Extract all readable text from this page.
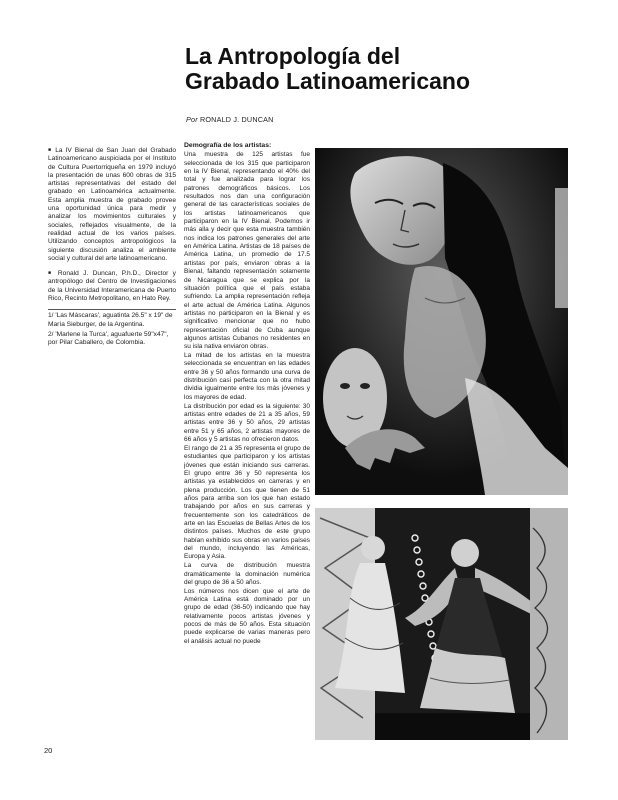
La Antropología del
Grabado Latinoamericano
Por RONALD J. DUNCAN

■ La IV Bienal de San Juan del Grabado Latinoamericano auspiciada por el Instituto de Cultura Puertorriqueña en 1979 incluyó la presentación de unas 600 obras de 315 artistas representativas del estado del grabado en Latinoamérica actualmente. Esta amplia muestra de grabado provee una oportunidad única para medir y analizar los movimientos culturales y sociales, reflejados visualmente, de la realidad actual de los varios países. Utilizando conceptos antropológicos la siguiente discusión analiza el ambiente social y cultural del arte latinoamericano.

■ Ronald J. Duncan, P.h.D., Director y antropólogo del Centro de Investigaciones de la Universidad Interamericana de Puerto Rico, Recinto Metropolitano, en Hato Rey.

1/ 'Las Máscaras', aguatinta 26.5" x 19" de María Sieburger, de la Argentina.

2/ 'Marlene la Turca', aguafuerte 59"x47", por Pilar Caballero, de Colombia.

Demografía de los artistas:

Una muestra de 125 artistas fue seleccionada de los 315 que participaron en la IV Bienal, representando el 40% del total y fue analizada para lograr los patrones demográficos básicos. Los resultados nos dan una configuración general de las características sociales de los artistas latinoamericanos que participaron en la IV Bienal. Podemos ir más alla y decir que esta muestra también nos indica los patrones generales del arte en América Latina. Artistas de 18 países de América Latina, un promedio de 17.5 artistas por país, enviaron obras a la Bienal, faltando representación solamente de Nicaragua que se explica por la situación política que el país estaba sufriendo. La amplia representación refleja el arte actual de América Latina. Algunos artistas no participaron en la Bienal y es significativo mencionar que no hubo representación oficial de Cuba aunque algunos artistas Cubanos no residentes en su isla nativa enviaron obras.

La mitad de los artistas en la muestra seleccionada se encuentran en las edades entre 36 y 50 años formando una curva de distribución casi perfecta con la otra mitad dividia igualmente entre los más jóvenes y los mayores de edad.

La distribución por edad es la siguiente: 30 artistas entre edades de 21 a 35 años, 59 artistas entre 36 y 50 años, 29 artistas entre 51 y 65 años, 2 artistas mayores de 66 años y 5 artistas no ofrecieron datos.

El rango de 21 a 35 representa el grupo de estudiantes que participaron y los artistas jóvenes que están iniciando sus carreras. El grupo entre 36 y 50 representa los artistas ya establecidos en carreras y en plena producción. Los que tienen de 51 años para arriba son los que han estado trabajando por años en sus carreras y frecuentemente son los catedráticos de arte en las Escuelas de Bellas Artes de los distintos países. Muchos de este grupo habían exhibido sus obras en varios países del mundo, incluyendo las Américas, Europa y Asia.

La curva de distribución muestra dramáticamente la dominación numérica del grupo de 36 a 50 años.

Los números nos dicen que el arte de América Latina está dominado por un grupo de edad (36-50) indicando que hay relativamente pocos artistas jóvenes y pocos de más de 50 años. Esta situación puede explicarse de varias maneras pero el análisis actual no puede

20
